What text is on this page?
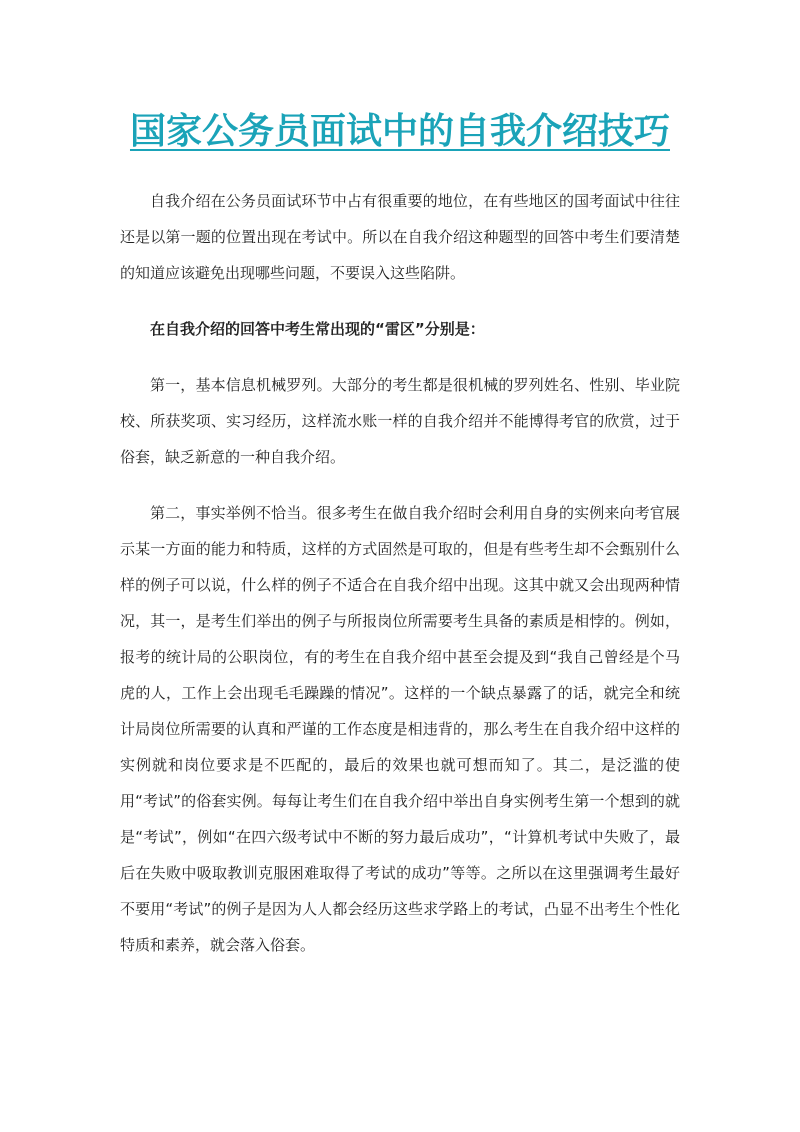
国家公务员面试中的自我介绍技巧

自我介绍在公务员面试环节中占有很重要的地位，在有些地区的国考面试中往往还是以第一题的位置出现在考试中。所以在自我介绍这种题型的回答中考生们要清楚的知道应该避免出现哪些问题，不要误入这些陷阱。

在自我介绍的回答中考生常出现的“雷区”分别是：

第一，基本信息机械罗列。大部分的考生都是很机械的罗列姓名、性别、毕业院校、所获奖项、实习经历，这样流水账一样的自我介绍并不能博得考官的欣赏，过于俗套，缺乏新意的一种自我介绍。

第二，事实举例不恰当。很多考生在做自我介绍时会利用自身的实例来向考官展示某一方面的能力和特质，这样的方式固然是可取的，但是有些考生却不会甄别什么样的例子可以说，什么样的例子不适合在自我介绍中出现。这其中就又会出现两种情况，其一，是考生们举出的例子与所报岗位所需要考生具备的素质是相悖的。例如，报考的统计局的公职岗位，有的考生在自我介绍中甚至会提及到“我自己曾经是个马虎的人，工作上会出现毛毛躁躁的情况”。这样的一个缺点暴露了的话，就完全和统计局岗位所需要的认真和严谨的工作态度是相违背的，那么考生在自我介绍中这样的实例就和岗位要求是不匹配的，最后的效果也就可想而知了。其二，是泛滥的使用“考试”的俗套实例。每每让考生们在自我介绍中举出自身实例考生第一个想到的就是“考试”，例如“在四六级考试中不断的努力最后成功”，“计算机考试中失败了，最后在失败中吸取教训克服困难取得了考试的成功”等等。之所以在这里强调考生最好不要用“考试”的例子是因为人人都会经历这些求学路上的考试，凸显不出考生个性化特质和素养，就会落入俗套。
